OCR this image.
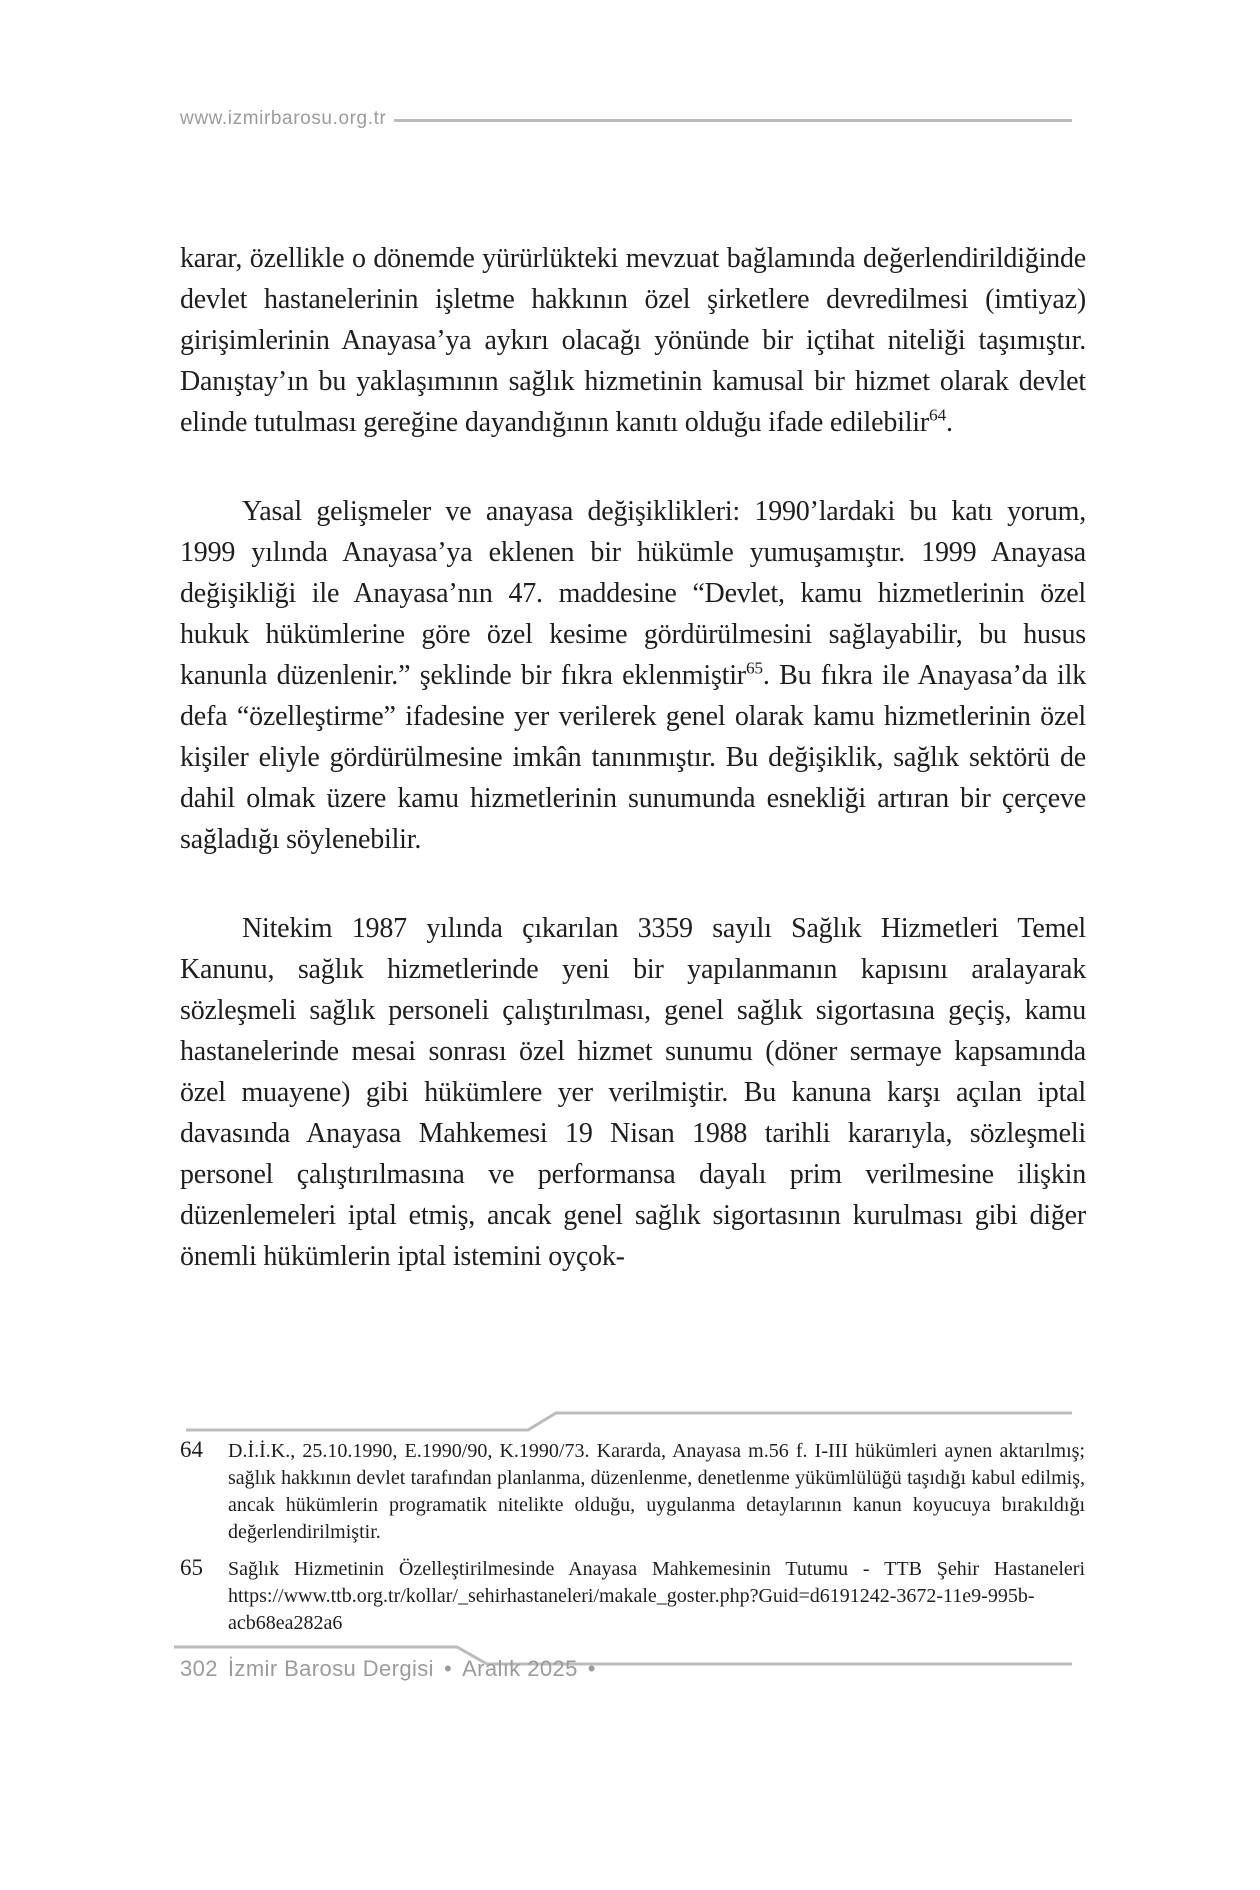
www.izmirbarosu.org.tr

karar, özellikle o dönemde yürürlükteki mevzuat bağlamında değerlendirildiğinde devlet hastanelerinin işletme hakkının özel şirketlere devredilmesi (imtiyaz) girişimlerinin Anayasa’ya aykırı olacağı yönünde bir içtihat niteliği taşımıştır. Danıştay’ın bu yaklaşımının sağlık hizmetinin kamusal bir hizmet olarak devlet elinde tutulması gereğine dayandığının kanıtı olduğu ifade edilebilir$^{64}$.

Yasal gelişmeler ve anayasa değişiklikleri: 1990’lardaki bu katı yorum, 1999 yılında Anayasa’ya eklenen bir hükümle yumuşamıştır. 1999 Anayasa değişikliği ile Anayasa’nın 47. maddesine “Devlet, kamu hizmetlerinin özel hukuk hükümlerine göre özel kesime gördürülmesini sağlayabilir, bu husus kanunla düzenlenir.” şeklinde bir fıkra eklenmiştir$^{65}$. Bu fıkra ile Anayasa’da ilk defa “özelleştirme” ifadesine yer verilerek genel olarak kamu hizmetlerinin özel kişiler eliyle gördürülmesine imkân tanınmıştır. Bu değişiklik, sağlık sektörü de dahil olmak üzere kamu hizmetlerinin sunumunda esnekliği artıran bir çerçeve sağladığı söylenebilir.

Nitekim 1987 yılında çıkarılan 3359 sayılı Sağlık Hizmetleri Temel Kanunu, sağlık hizmetlerinde yeni bir yapılanmanın kapısını aralayarak sözleşmeli sağlık personeli çalıştırılması, genel sağlık sigortasına geçiş, kamu hastanelerinde mesai sonrası özel hizmet sunumu (döner sermaye kapsamında özel muayene) gibi hükümlere yer verilmiştir. Bu kanuna karşı açılan iptal davasında Anayasa Mahkemesi 19 Nisan 1988 tarihli kararıyla, sözleşmeli personel çalıştırılmasına ve performansa dayalı prim verilmesine ilişkin düzenlemeleri iptal etmiş, ancak genel sağlık sigortasının kurulması gibi diğer önemli hükümlerin iptal istemini oyçok-

64	D.İ.İ.K., 25.10.1990, E.1990/90, K.1990/73. Kararda, Anayasa m.56 f. I-III hükümleri aynen aktarılmış; sağlık hakkının devlet tarafından planlanma, düzenlenme, denetlenme yükümlülüğü taşıdığı kabul edilmiş, ancak hükümlerin programatik nitelikte olduğu, uygulanma detaylarının kanun koyucuya bırakıldığı değerlendirilmiştir.
65	Sağlık Hizmetinin Özelleştirilmesinde Anayasa Mahkemesinin Tutumu - TTB Şehir Hastaneleri https://www.ttb.org.tr/kollar/_sehirhastaneleri/makale_goster.php?Guid=d6191242-3672-11e9-995b-acb68ea282a6
302 İzmir Barosu Dergisi • Aralık 2025 •
